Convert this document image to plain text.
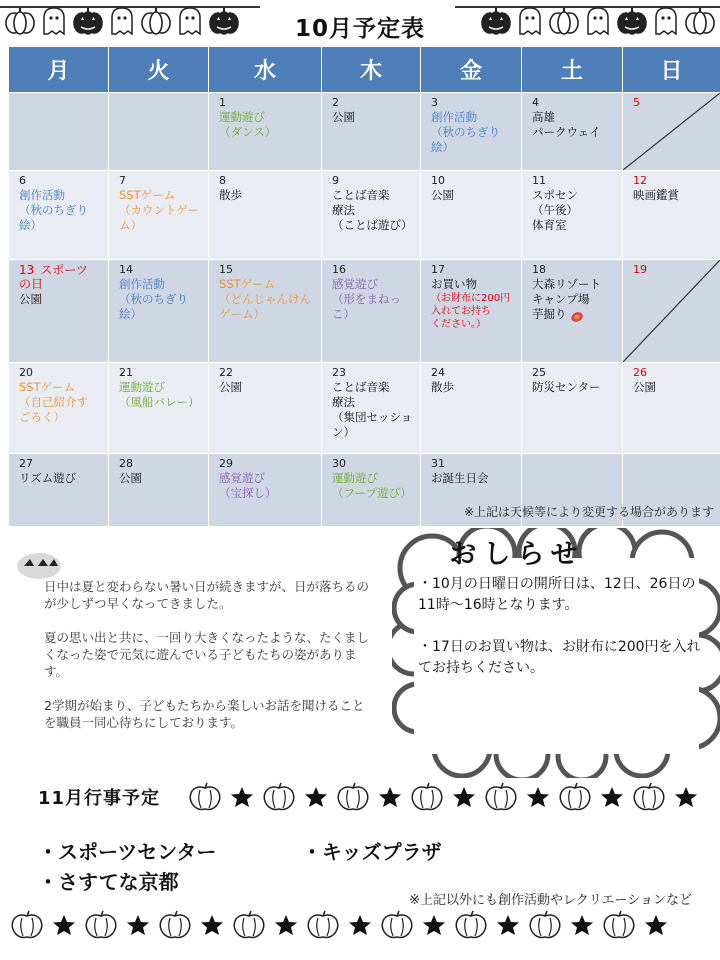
10月予定表
月	火	水	木	金	土	日

		1
運動遊び
（ダンス）	2
公園	3
創作活動
（秋のちぎり
絵）	4
高雄
パークウェイ	5

6
創作活動
（秋のちぎり
絵）	7
SSTゲーム
（カウントゲー
ム）	8
散歩	9
ことば音楽
療法
（ことば遊び）	10
公園	11
スポセン
（午後）
体育室	12
映画鑑賞

13 スポーツ
の日
公園	14
創作活動
（秋のちぎり
絵）	15
SSTゲーム
（どんじゃんけん
ゲーム）	16
感覚遊び
（形をまねっ
こ）	17
お買い物
（お財布に200円
入れてお持ち
ください。）	18
大森リゾート
キャンプ場
芋掘り	19

20
SSTゲーム
（自己紹介す
ごろく）	21
運動遊び
（風船バレー）	22
公園	23
ことば音楽
療法
（集団セッショ
ン）	24
散歩	25
防災センター	26
公園

27
リズム遊び	28
公園	29
感覚遊び
（宝探し）	30
運動遊び
（フープ遊び）	31
お誕生日会		

※上記は天候等により変更する場合があります

日中は夏と変わらない暑い日が続きますが、日が落ちるのが少しずつ早くなってきました。

夏の思い出と共に、一回り大きくなったような、たくましくなった姿で元気に遊んでいる子どもたちの姿があります。

2学期が始まり、子どもたちから楽しいお話を聞けることを職員一同心待ちにしております。

おしらせ

・10月の日曜日の開所日は、12日、26日の11時～16時となります。

・17日のお買い物は、お財布に200円を入れてお持ちください。

11月行事予定
・スポーツセンター	・キッズプラザ
・さすてな京都
※上記以外にも創作活動やレクリエーションなど
